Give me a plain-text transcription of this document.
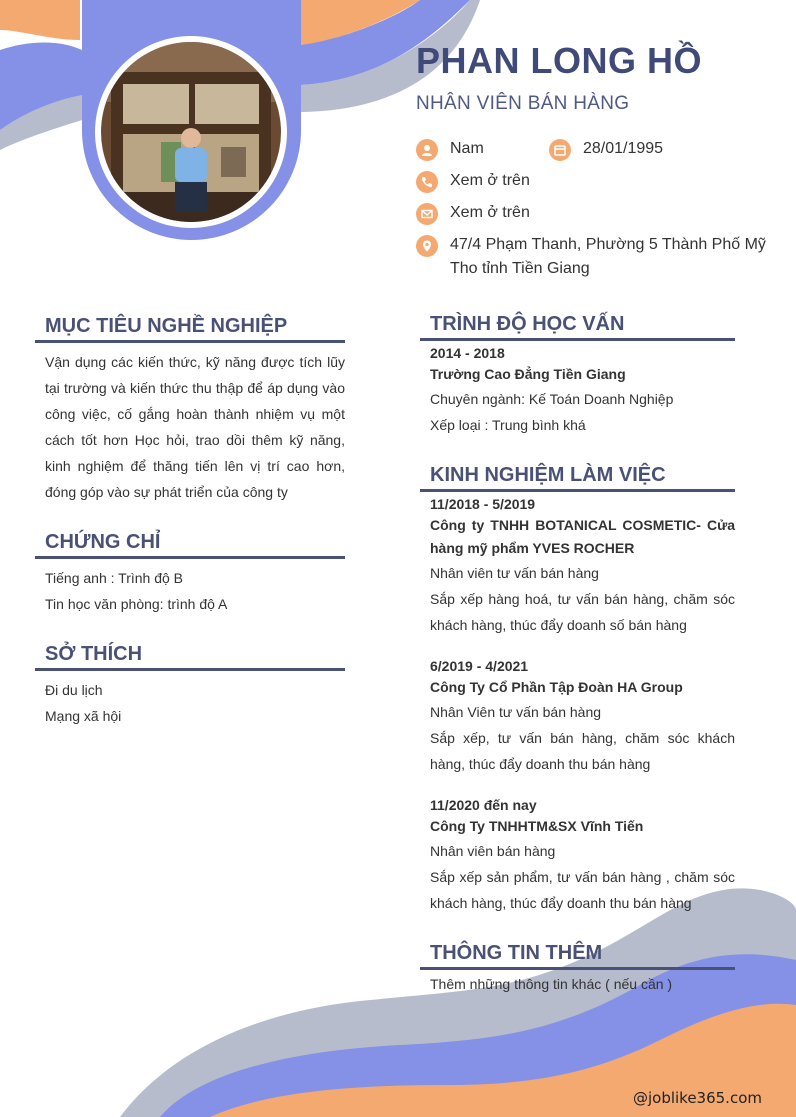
PHAN LONG HỒ
NHÂN VIÊN BÁN HÀNG
Nam	28/01/1995
Xem ở trên
Xem ở trên
47/4 Phạm Thanh, Phường 5 Thành Phố Mỹ
Tho tỉnh Tiền Giang
MỤC TIÊU NGHỀ NGHIỆP

Vận dụng các kiến thức, kỹ năng được tích lũy tại trường và kiến thức thu thập để áp dụng vào công việc, cố gắng hoàn thành nhiệm vụ một cách tốt hơn Học hỏi, trao dồi thêm kỹ năng, kinh nghiệm để thăng tiến lên vị trí cao hơn, đóng góp vào sự phát triển của công ty

CHỨNG CHỈ
Tiếng anh : Trình độ B
Tin học văn phòng: trình độ A
SỞ THÍCH
Đi du lịch
Mạng xã hội
TRÌNH ĐỘ HỌC VẤN
2014 - 2018
Trường Cao Đẳng Tiền Giang
Chuyên ngành: Kế Toán Doanh Nghiệp
Xếp loại : Trung bình khá
KINH NGHIỆM LÀM VIỆC
11/2018 - 5/2019
Công ty TNHH BOTANICAL COSMETIC- Cửa hàng mỹ phẩm YVES ROCHER
Nhân viên tư vấn bán hàng
Sắp xếp hàng hoá, tư vấn bán hàng, chăm sóc khách hàng, thúc đẩy doanh số bán hàng
6/2019 - 4/2021
Công Ty Cổ Phần Tập Đoàn HA Group
Nhân Viên tư vấn bán hàng
Sắp xếp, tư vấn bán hàng, chăm sóc khách hàng, thúc đẩy doanh thu bán hàng
11/2020 đến nay
Công Ty TNHHTM&SX Vĩnh Tiến
Nhân viên bán hàng
Sắp xếp sản phẩm, tư vấn bán hàng , chăm sóc khách hàng, thúc đẩy doanh thu bán hàng
THÔNG TIN THÊM
Thêm những thông tin khác ( nếu cần )
@joblike365.com
